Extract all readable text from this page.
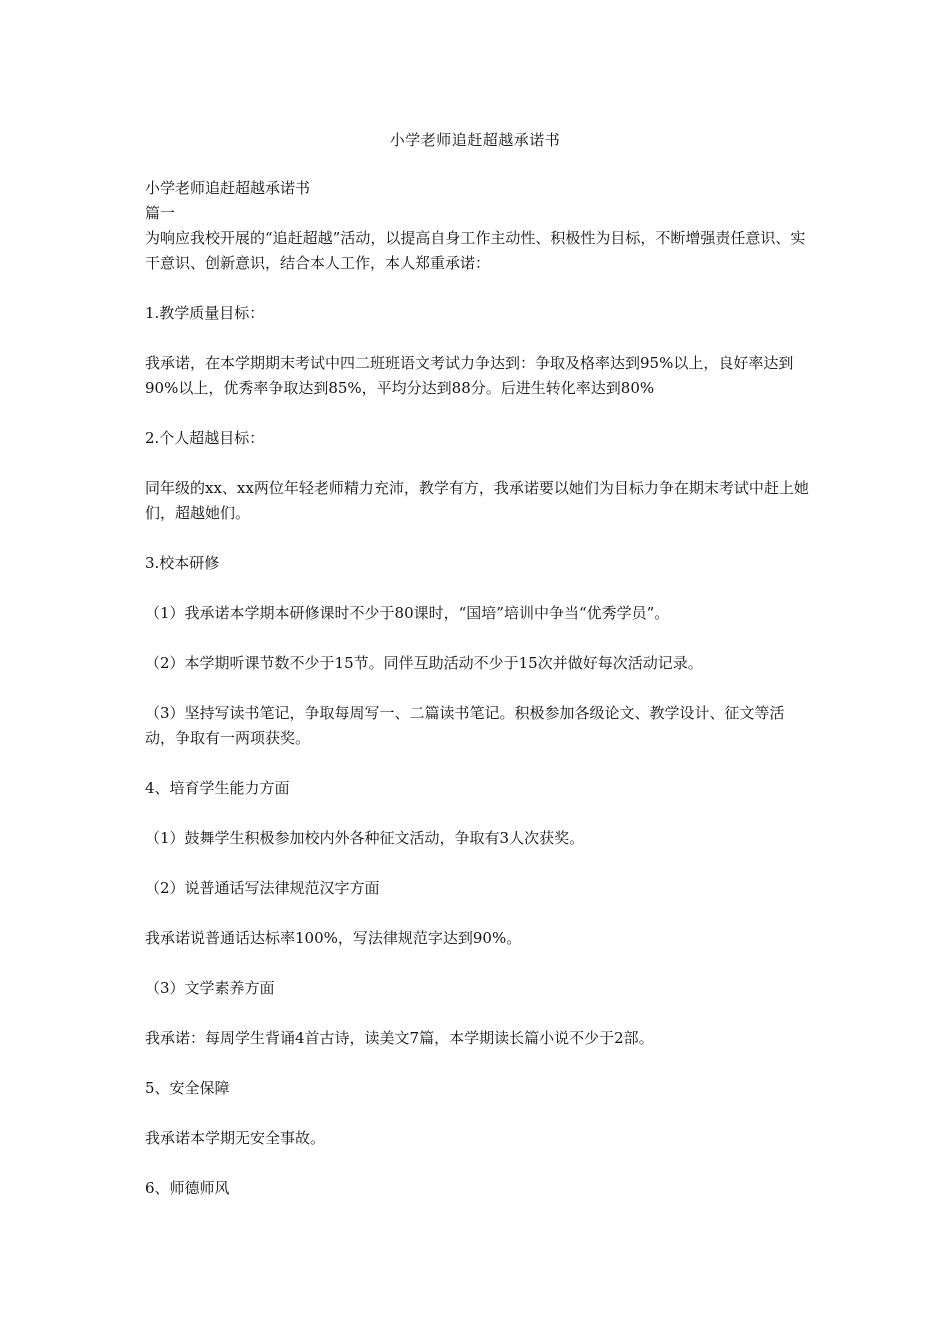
小学老师追赶超越承诺书

小学老师追赶超越承诺书

篇一

为响应我校开展的“追赶超越”活动，以提高自身工作主动性、积极性为目标，不断增强责任意识、实干意识、创新意识，结合本人工作，本人郑重承诺：

1.教学质量目标：

我承诺，在本学期期末考试中四二班班语文考试力争达到：争取及格率达到95%以上，良好率达到90%以上，优秀率争取达到85%，平均分达到88分。后进生转化率达到80%

2.个人超越目标：

同年级的xx、xx两位年轻老师精力充沛，教学有方，我承诺要以她们为目标力争在期末考试中赶上她们，超越她们。

3.校本研修

（1）我承诺本学期本研修课时不少于80课时，“国培”培训中争当“优秀学员”。

（2）本学期听课节数不少于15节。同伴互助活动不少于15次并做好每次活动记录。

（3）坚持写读书笔记，争取每周写一、二篇读书笔记。积极参加各级论文、教学设计、征文等活动，争取有一两项获奖。

4、培育学生能力方面

（1）鼓舞学生积极参加校内外各种征文活动，争取有3人次获奖。

（2）说普通话写法律规范汉字方面

我承诺说普通话达标率100%，写法律规范字达到90%。

（3）文学素养方面

我承诺：每周学生背诵4首古诗，读美文7篇，本学期读长篇小说不少于2部。

5、安全保障

我承诺本学期无安全事故。

6、师德师风
